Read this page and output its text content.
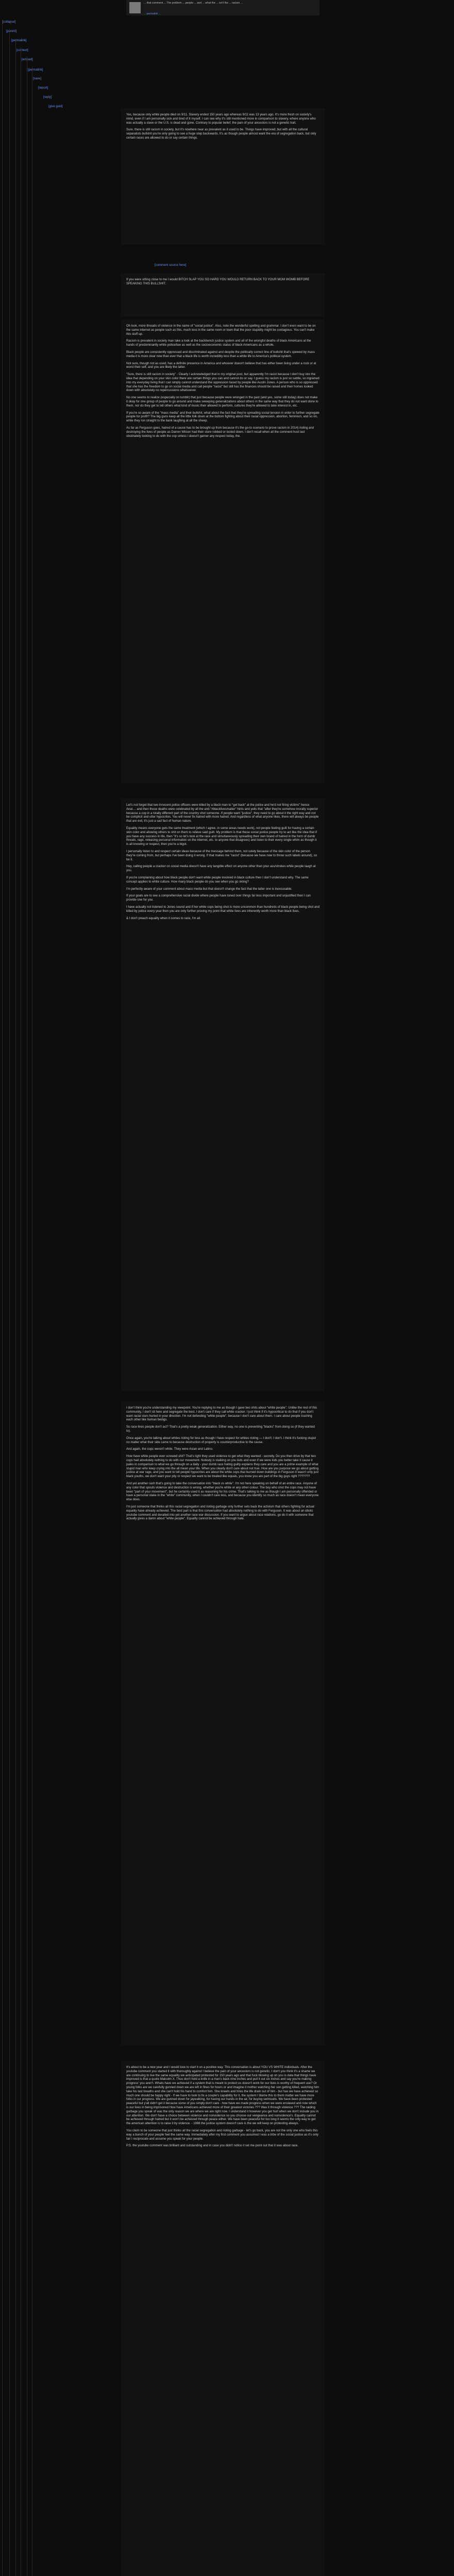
... that comment ... The problem ... people ... and ... what the ... isn't the ... racism ...
... permalink ...
[collapse]
[parent]
[permalink]
[context]
[embed]
[permalink]
[save]
[report]
[reply]
[give gold]

Yes, because only white people died on 9/11. Slavery ended 150 years ago whereas 9/11 was 13 years ago. It's more fresh on society's mind, even if I am personally sick and tired of it myself. I can see why it's still mentioned more in comparison to slavery, where anyone who was actually a slave or the U.S. is dead and gone. Contrary to popular belief, the pain of your ancestors is not a genetic trait.

Sure, there is still racism in society, but it's nowhere near as prevalent as it used to be. Things have improved, but with all the cultural separatists bullshit you're only going to see a huge step backwards. It's as though people almost want the era of segregation back, but only certain races are allowed to do or say certain things.

[comment source here]

If you were sitting close to me I would BITCH SLAP YOU SO HARD YOU WOULD RETURN BACK TO YOUR MOM WOMB BEFORE SPEAKING THIS BULLSHIT.

Oh look, more threads of violence in the name of "social justice". Also, note the wonderful spelling and grammar. I don't even want to be on the same internet as people such as this, much less in the same room or town that the poor stupidity might be contagious. You can't make this stuff up.

Racism is prevalent in society man take a look at the backbench justice system and all of the wrongful deaths of black Americans at the hands of predominantly white police/law as well as the socioeconomic status of black Americans as a whole.

Black people are consistently oppressed and discriminated against and despite the politically correct line of bullshit that's spewed by mass media it is more clear now than ever that a black life is worth incredibly less than a white life to America's political system.

Not sure, though not as used, has a definite presence in America and whoever doesn't believe that has either been living under a rock or at worst their self, and you are likely the latter.

"Sure, there is still racism in society" - Clearly I acknowledged that in my original post, but apparently I'm racist because I don't buy into the idea that depending on your skin color there are certain things you can and cannot do or say. I guess my racism is just so subtle, so ingrained into my everyday living that I can simply cannot understand the oppression faced by people like Austin Jones. A person who is so oppressed that she has the freedom to go on social media and call people "racist" but still has the finances should be raised and their homes looked down with absolutely no repercussions whatsoever.

No one seems to realize (especially on tumblr) that just because people were wronged in the past (and yes, some still today) does not make it okay for one group of people to go around and make sweeping generalizations about others in the same way that they do not want done to them, nor do they get to tell others what kind of music their allowed to perform, cultures they're allowed to take interest in, etc.

If you're so aware of the "mass media" and their bullshit, what about the fact that they're spreading social tension in order to further segregate people for profit? The big guns keep all the little folk down at the bottom fighting about their racial oppression, abortion, feminism, and so on, while they run straight to the bank laughing at all the sheep.

As far as Ferguson goes, hatred of a cause has to be brought up from because it's the go-to scenario to prove racism in 2014) rioting and destroying the lives of people as Darren Wilson had their store robbed or looted down. I don't recall when all the comment hust last obstinately looking to do with the cop unless i doesn't garner any respect today, the.

Let's not forget that two innocent police officers were killed by a black man to "get back" at the police and he'd not firing victims" hence Anal.... and then these deaths were celebrated by all the anti-"#blacklivesmatter" hints and yells that "after they're somehow morally superior because a cop in a totally different part of the country shot someone. If people want "justice", they need to go about it the right way and not be complicit and utter hypocrites. You will never fix hatred with more hatred. And regardless of what anyone likes, there will always be people that are evil, it's just a sad fact of human nature.

Equality means everyone gets the same treatment (which I agree, in some areas needs work), not people feeling guilt for having a certain skin color and allowing others to shit on them to relieve said guilt. My problem is that these social justice people try to act like the idea that if you have any success in life, then "it's so let's look at the race and simultaneously spreading their own brand of hatred in the form of dumb threats, rage, releasing personal information on the internet, etc. to anyone that disagrees) and listen to their every single whim as though it is all knowing or respect, then you're a bigot.

I personally listen to and respect certain ideas because of the message behind them, not solely because of the skin color of the person they're coming from, but perhaps I've been doing it wrong. If that makes me "racist" (because we have now to throw such labels around), so be it.

Hey, calling people a cracker on social media doesn't have any tangible effect on anyone other than your ass/strokes while people laugh at you.

If you're complaining about how black people don't want white people involved in black culture then I don't understand why. The same concept applies to white culture. How many black people do you see when you go skiing?

I'm perfectly aware of your comment about mass media but that doesn't change the fact that the latter one is inexcusable.

If your goals are to see a comprehensive racial divide where people have toned over things far less important and unjustified then I can provide one for you.

I have actually not listened to Jones sound and if her white cops being shot is more uncommon than hundreds of black people being shot and killed by police every year then you are only further proving my point that white lives are inherently worth more than black lives.

& I don't preach equality when it comes to race, I'm all.

I don't think you're understanding my viewpoint. You're replying to me as though I gave two shits about "white people". Unlike the rest of this community, I don't sit here and segregate the best. I don't care if they call white cracker. I just think if it's hypocritical to do that if you don't want racial slurs hurled in your direction. I'm not defending "white people", because I don't care about them. I care about people trashing each other like human beings.

So race lines people don't act? That's a pretty weak generalization. Either way, no one is preventing "blacks" from doing so (if they wanted to).

Once again, you're talking about whites rioting for less as though I have respect for whites rioting — I don't; I don't. I think it's fucking stupid no matter what their side came to because destruction of property is counterproductive to the cause.

And again, the cops weren't white. They were Asian and Latino.

How have white people ever screwed shit? That's right they used violence to get what they wanted - secretly. Do you then drive by that two cops had absolutely nothing to do with our movement. Nobody is stalking on you kids and even if we were kids you better take it cause it pales in comparison to what we go through on a daily - your dumb race hating guilty explains they care and you are a prime example of what stupid man who keep crying into the all mean your life. When you clearly don't care about not true. How are you purpose we go about getting justice at war rage, and you want to tell people hypocrites are about the white cops that burned down buildings in Ferguson it wasn't only just black youths, we don't want your pity or respect we want to be treated like equals, you know you are part of the big guys right ???????

And yet another rash that's going to take the conversation into "black vs white". I'm not here speaking on behalf of an entire race. Anyone of any color that spouts violence and destruction is wrong, whether you're white or any other colour. The boy who shot the cops may not have been "part of your movement", but he certainly used it as reasoning for his crime. That's talking to me as though I am personally offended or have a personal stake in the "white" community, when I couldn't care less, and because you identify so much as race doesn't mean everyone else does.

I'm just someone that thinks all this racial segregation and rioting garbage only further sets back the activism that others fighting for actual equality have already achieved. The best part is that this conversation had absolutely nothing to do with Ferguson. It was about an idiotic youtube comment and derailed into yet another race war discussion. If you want to argue about race relations, go do it with someone that actually gives a damn about "white people". Equality cannot be achieved through hate.

It's about to be a new year and I would love to start it on a positive way. This conversation is about YOU VS WHITE individuals. After the youtube comment you started it with thoroughly against I believe the pain of your ancestors is not genetic. I don't you think it's a shame we are continuing to live the same equality we anticipated protested for 150 years ago and that fuck blowing up on you is data that things have improved is that a quote Malcolm X. Thus don't hold a knife in a man's back nine inches and pull it out six inches and say you're making progress' you aren't. Whats have we achieved if a system that is meant to protect us doesn't work for our lives is worthy of frequent use? Or young folks are we carefully gunned down we are left in fines for hours or and imagine it mother watching her son getting killed, watching him take his last breaths and she can't hold his hand to comfort him. She kneels and hires the life drain out of him - but has we have achieved so much one should be happy right - If we have to look to fix a couple's capability for it, the system I blame this to them matter we have more folks in our progress. We are gunned down for jaywalking, for having our hands in the air, for buying swimsuits. We have been protested peaceful but y'all didn't get it because some of you simply don't care - how have we made progress when we were enslaved and now which is our lives in being imprisoned How have Americans achieved more of their greatest victories ??? Was it through violence ??? The raiding garbage you speak of was the only reason we are where we are right now. I understand it however you get hurt when we don't include you in our attention. We don't have a choice between violence and nonviolence so you choose our vengeance and nonviolence's. Equality cannot be achieved through hatred but it won't be achieved through peace either. We have been peaceful for too long it seems the only way to get the american attention is to raise it by violence. - 1988 the justice system doesn't care is the we will keep on protesting always.

You claim to be someone that just thinks all the racial segregation and rioting garbage - let's go back, you are not the only one who feels this way a bunch of your people feel the same way. Immediately after my first comment you assumed I was a tribe of the social justice as it's only fair I reciprocate and assume you speak for your people.

P.S. the youtube comment was brilliant and outstanding and in case you didn't notice it set me point out that it was about race.
